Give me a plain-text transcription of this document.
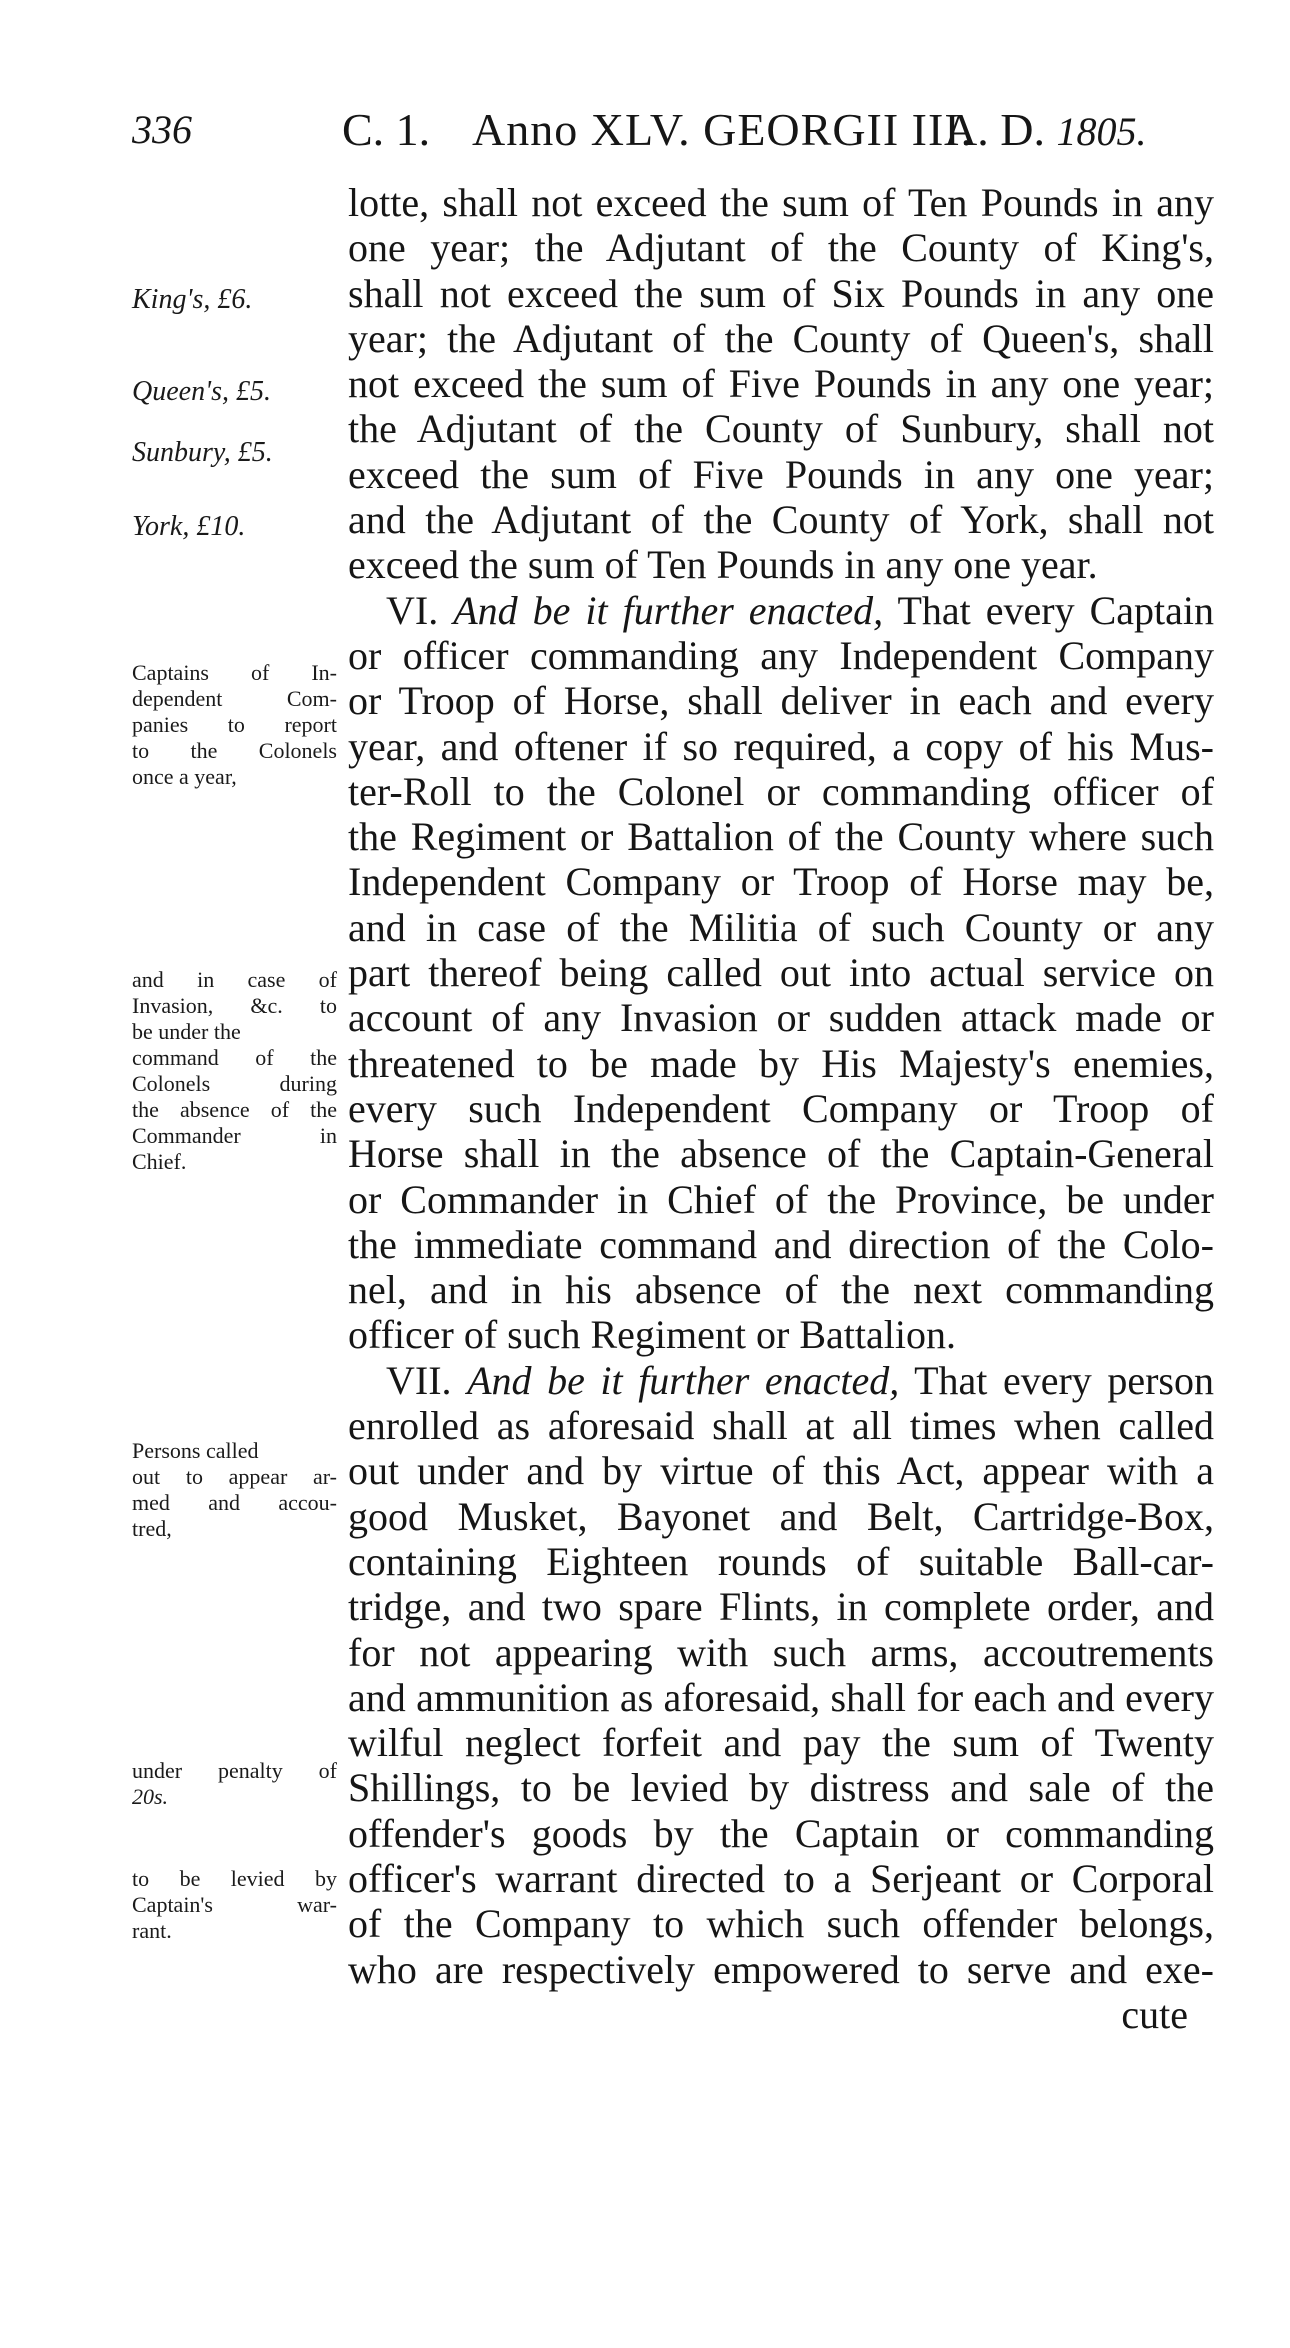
336	C. 1. Anno XLV. GEORGII III.
A. D. 1805.
King's, £6.
Queen's, £5.
Sunbury, £5.
York, £10.
Captains of In-
dependent Com-
panies to report
to the Colonels
once a year,
and in case of
Invasion, &c. to
be under the
command of the
Colonels during
the absence of the
Commander in
Chief.
Persons called
out to appear ar-
med and accou-
tred,
under penalty of
20s.
to be levied by
Captain's war-
rant.
lotte, shall not exceed the sum of Ten Pounds in any
one year; the Adjutant of the County of King's,
shall not exceed the sum of Six Pounds in any one
year; the Adjutant of the County of Queen's, shall
not exceed the sum of Five Pounds in any one year;
the Adjutant of the County of Sunbury, shall not
exceed the sum of Five Pounds in any one year;
and the Adjutant of the County of York, shall not
exceed the sum of Ten Pounds in any one year.
VI. And be it further enacted, That every Captain
or officer commanding any Independent Company
or Troop of Horse, shall deliver in each and every
year, and oftener if so required, a copy of his Mus-
ter-Roll to the Colonel or commanding officer of
the Regiment or Battalion of the County where such
Independent Company or Troop of Horse may be,
and in case of the Militia of such County or any
part thereof being called out into actual service on
account of any Invasion or sudden attack made or
threatened to be made by His Majesty's enemies,
every such Independent Company or Troop of
Horse shall in the absence of the Captain-General
or Commander in Chief of the Province, be under
the immediate command and direction of the Colo-
nel, and in his absence of the next commanding
officer of such Regiment or Battalion.
VII. And be it further enacted, That every person
enrolled as aforesaid shall at all times when called
out under and by virtue of this Act, appear with a
good Musket, Bayonet and Belt, Cartridge-Box,
containing Eighteen rounds of suitable Ball-car-
tridge, and two spare Flints, in complete order, and
for not appearing with such arms, accoutrements
and ammunition as aforesaid, shall for each and every
wilful neglect forfeit and pay the sum of Twenty
Shillings, to be levied by distress and sale of the
offender's goods by the Captain or commanding
officer's warrant directed to a Serjeant or Corporal
of the Company to which such offender belongs,
who are respectively empowered to serve and exe-
cute
